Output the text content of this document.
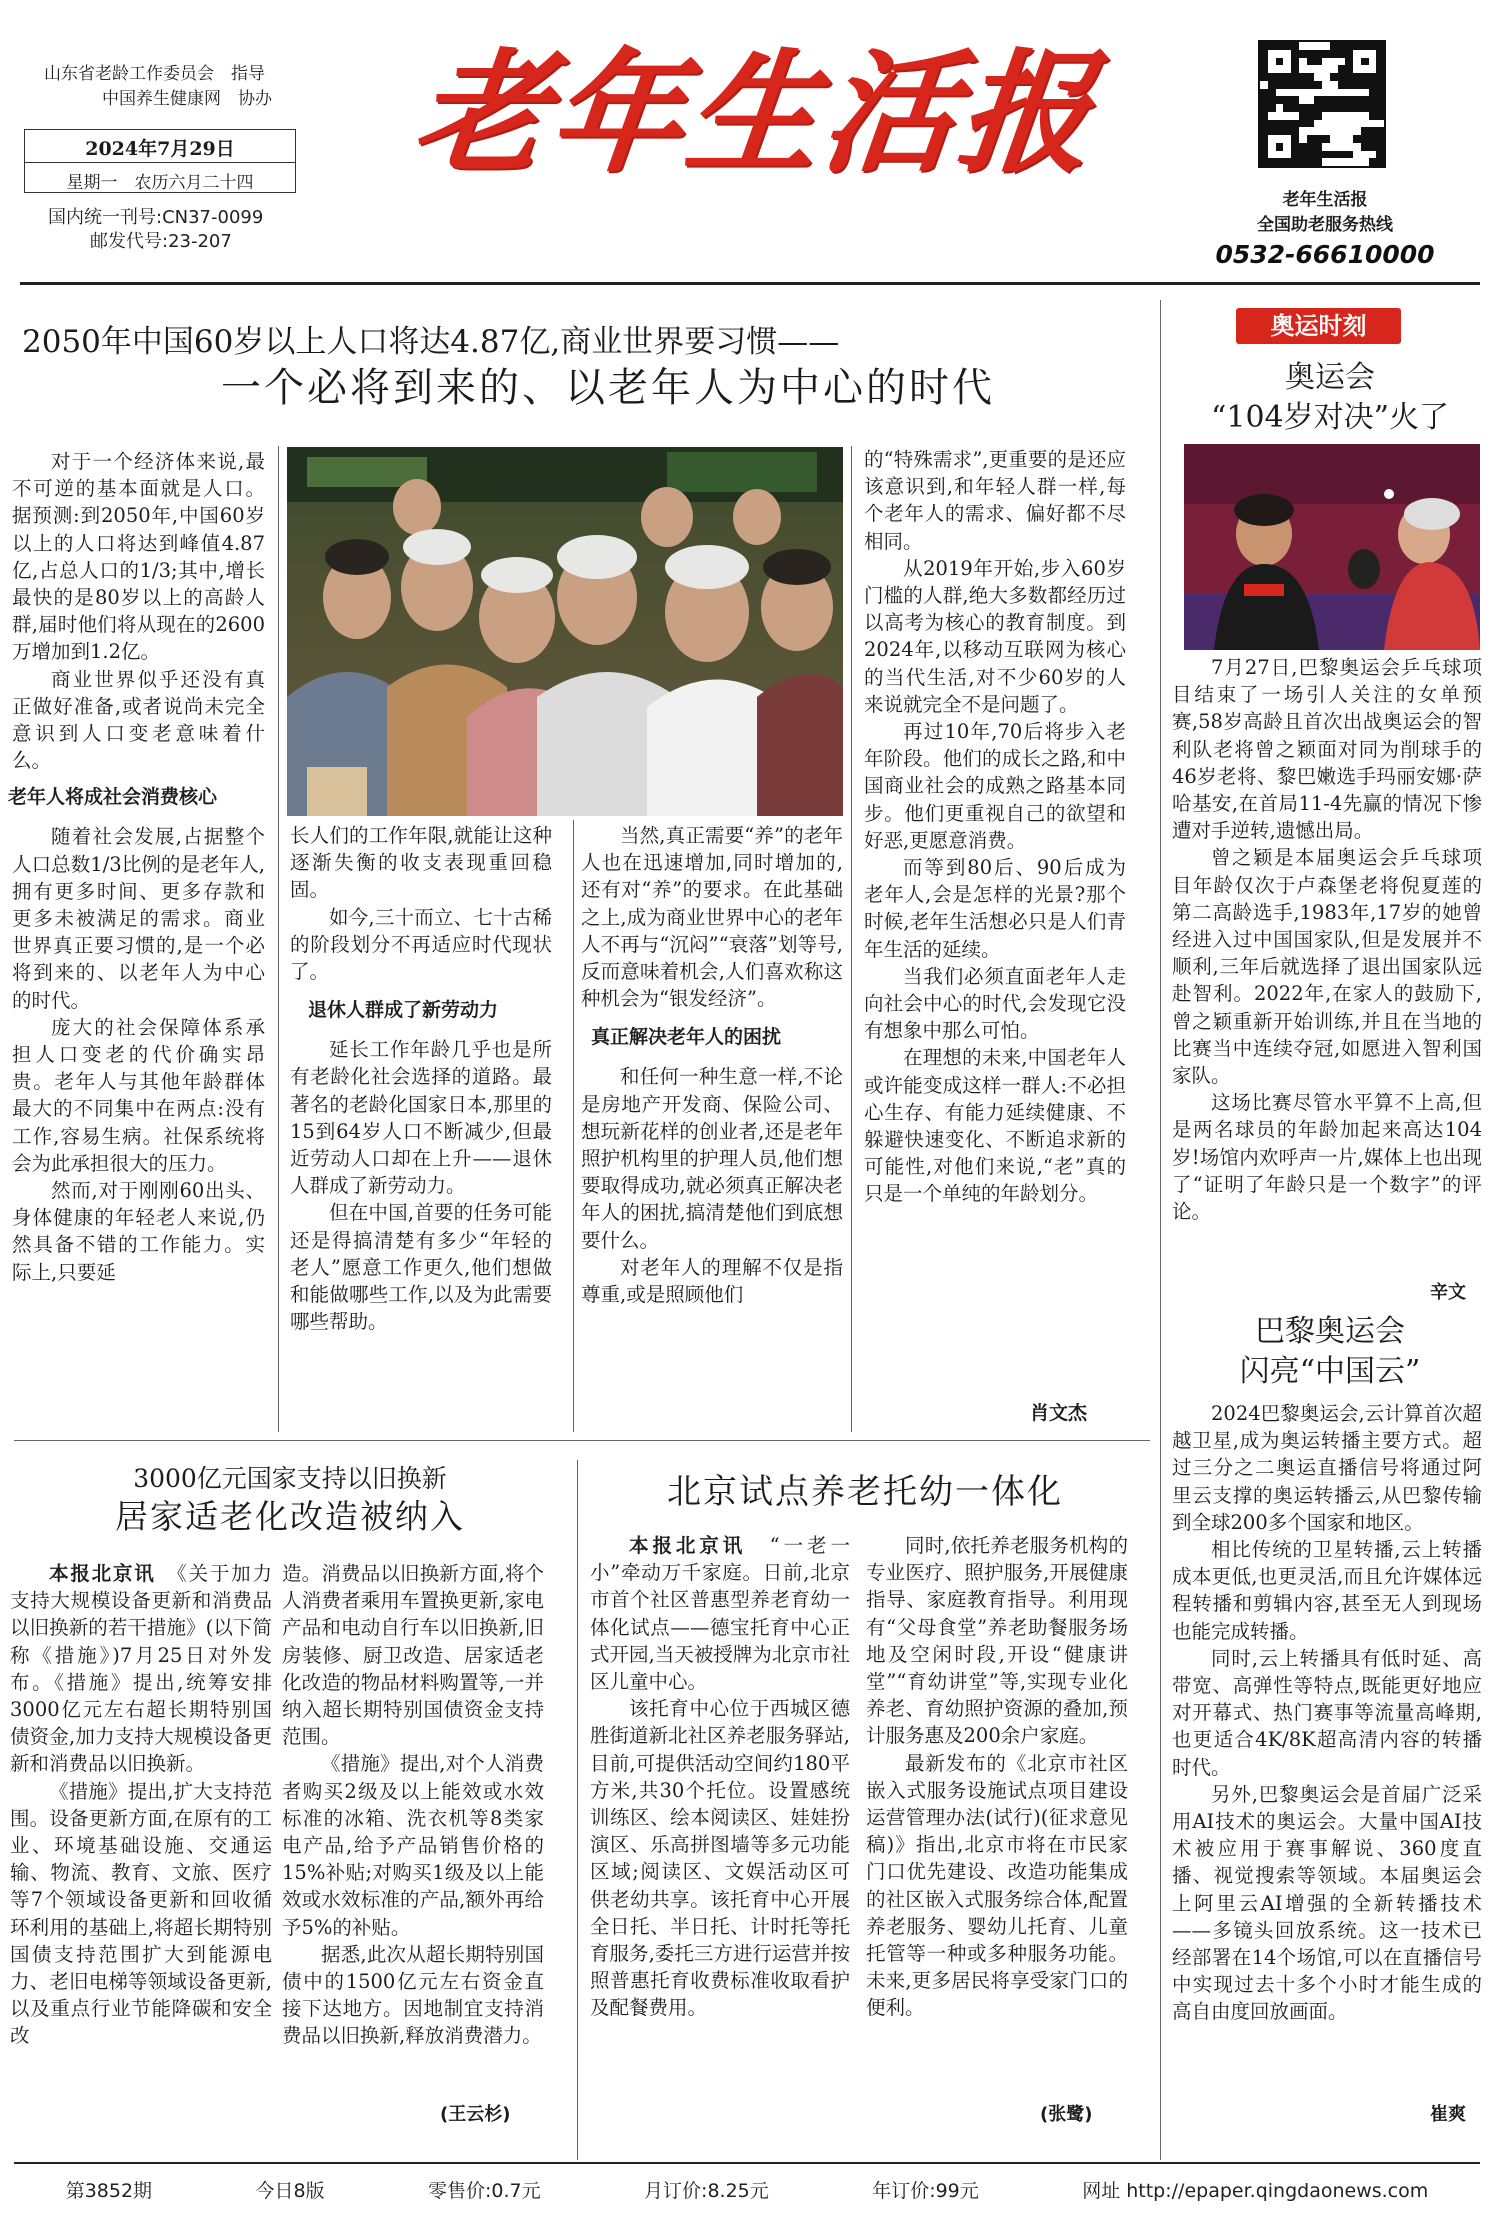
山东省老龄工作委员会　指导
中国养生健康网　协办
2024年7月29日
星期一　农历六月二十四
国内统一刊号:CN37-0099
邮发代号:23-207
老年生活报
老年生活报
全国助老服务热线
0532-66610000
2050年中国60岁以上人口将达4.87亿,商业世界要习惯——
一个必将到来的、以老年人为中心的时代

对于一个经济体来说,最不可逆的基本面就是人口。据预测:到2050年,中国60岁以上的人口将达到峰值4.87亿,占总人口的1/3;其中,增长最快的是80岁以上的高龄人群,届时他们将从现在的2600万增加到1.2亿。

商业世界似乎还没有真正做好准备,或者说尚未完全意识到人口变老意味着什么。

老年人将成社会消费核心

随着社会发展,占据整个人口总数1/3比例的是老年人,拥有更多时间、更多存款和更多未被满足的需求。商业世界真正要习惯的,是一个必将到来的、以老年人为中心的时代。

庞大的社会保障体系承担人口变老的代价确实昂贵。老年人与其他年龄群体最大的不同集中在两点:没有工作,容易生病。社保系统将会为此承担很大的压力。

然而,对于刚刚60出头、身体健康的年轻老人来说,仍然具备不错的工作能力。实际上,只要延

长人们的工作年限,就能让这种逐渐失衡的收支表现重回稳固。

如今,三十而立、七十古稀的阶段划分不再适应时代现状了。

退休人群成了新劳动力

延长工作年龄几乎也是所有老龄化社会选择的道路。最著名的老龄化国家日本,那里的15到64岁人口不断减少,但最近劳动人口却在上升——退休人群成了新劳动力。

但在中国,首要的任务可能还是得搞清楚有多少“年轻的老人”愿意工作更久,他们想做和能做哪些工作,以及为此需要哪些帮助。

当然,真正需要“养”的老年人也在迅速增加,同时增加的,还有对“养”的要求。在此基础之上,成为商业世界中心的老年人不再与“沉闷”“衰落”划等号,反而意味着机会,人们喜欢称这种机会为“银发经济”。

真正解决老年人的困扰

和任何一种生意一样,不论是房地产开发商、保险公司、想玩新花样的创业者,还是老年照护机构里的护理人员,他们想要取得成功,就必须真正解决老年人的困扰,搞清楚他们到底想要什么。

对老年人的理解不仅是指尊重,或是照顾他们

的“特殊需求”,更重要的是还应该意识到,和年轻人群一样,每个老年人的需求、偏好都不尽相同。

从2019年开始,步入60岁门槛的人群,绝大多数都经历过以高考为核心的教育制度。到2024年,以移动互联网为核心的当代生活,对不少60岁的人来说就完全不是问题了。

再过10年,70后将步入老年阶段。他们的成长之路,和中国商业社会的成熟之路基本同步。他们更重视自己的欲望和好恶,更愿意消费。

而等到80后、90后成为老年人,会是怎样的光景?那个时候,老年生活想必只是人们青年生活的延续。

当我们必须直面老年人走向社会中心的时代,会发现它没有想象中那么可怕。

在理想的未来,中国老年人或许能变成这样一群人:不必担心生存、有能力延续健康、不躲避快速变化、不断追求新的可能性,对他们来说,“老”真的只是一个单纯的年龄划分。

肖文杰
3000亿元国家支持以旧换新
居家适老化改造被纳入

本报北京讯　 《关于加力支持大规模设备更新和消费品以旧换新的若干措施》(以下简称《措施》)7月25日对外发布。《措施》提出,统筹安排3000亿元左右超长期特别国债资金,加力支持大规模设备更新和消费品以旧换新。

《措施》提出,扩大支持范围。设备更新方面,在原有的工业、环境基础设施、交通运输、物流、教育、文旅、医疗等7个领域设备更新和回收循环利用的基础上,将超长期特别国债支持范围扩大到能源电力、老旧电梯等领域设备更新,以及重点行业节能降碳和安全改

造。消费品以旧换新方面,将个人消费者乘用车置换更新,家电产品和电动自行车以旧换新,旧房装修、厨卫改造、居家适老化改造的物品材料购置等,一并纳入超长期特别国债资金支持范围。

《措施》提出,对个人消费者购买2级及以上能效或水效标准的冰箱、洗衣机等8类家电产品,给予产品销售价格的15%补贴;对购买1级及以上能效或水效标准的产品,额外再给予5%的补贴。

据悉,此次从超长期特别国债中的1500亿元左右资金直接下达地方。因地制宜支持消费品以旧换新,释放消费潜力。

(王云杉)
北京试点养老托幼一体化

本报北京讯　 “一老一小”牵动万千家庭。日前,北京市首个社区普惠型养老育幼一体化试点——德宝托育中心正式开园,当天被授牌为北京市社区儿童中心。

该托育中心位于西城区德胜街道新北社区养老服务驿站,目前,可提供活动空间约180平方米,共30个托位。设置感统训练区、绘本阅读区、娃娃扮演区、乐高拼图墙等多元功能区域;阅读区、文娱活动区可供老幼共享。该托育中心开展全日托、半日托、计时托等托育服务,委托三方进行运营并按照普惠托育收费标准收取看护及配餐费用。

同时,依托养老服务机构的专业医疗、照护服务,开展健康指导、家庭教育指导。利用现有“父母食堂”养老助餐服务场地及空闲时段,开设“健康讲堂”“育幼讲堂”等,实现专业化养老、育幼照护资源的叠加,预计服务惠及200余户家庭。

最新发布的《北京市社区嵌入式服务设施试点项目建设运营管理办法(试行)(征求意见稿)》指出,北京市将在市民家门口优先建设、改造功能集成的社区嵌入式服务综合体,配置养老服务、婴幼儿托育、儿童托管等一种或多种服务功能。未来,更多居民将享受家门口的便利。

(张鹭)
奥运时刻
奥运会
“104岁对决”火了

7月27日,巴黎奥运会乒乓球项目结束了一场引人关注的女单预赛,58岁高龄且首次出战奥运会的智利队老将曾之颖面对同为削球手的46岁老将、黎巴嫩选手玛丽安娜·萨哈基安,在首局11-4先赢的情况下惨遭对手逆转,遗憾出局。

曾之颖是本届奥运会乒乓球项目年龄仅次于卢森堡老将倪夏莲的第二高龄选手,1983年,17岁的她曾经进入过中国国家队,但是发展并不顺利,三年后就选择了退出国家队远赴智利。2022年,在家人的鼓励下,曾之颖重新开始训练,并且在当地的比赛当中连续夺冠,如愿进入智利国家队。

这场比赛尽管水平算不上高,但是两名球员的年龄加起来高达104岁!场馆内欢呼声一片,媒体上也出现了“证明了年龄只是一个数字”的评论。

辛文
巴黎奥运会
闪亮“中国云”

2024巴黎奥运会,云计算首次超越卫星,成为奥运转播主要方式。超过三分之二奥运直播信号将通过阿里云支撑的奥运转播云,从巴黎传输到全球200多个国家和地区。

相比传统的卫星转播,云上转播成本更低,也更灵活,而且允许媒体远程转播和剪辑内容,甚至无人到现场也能完成转播。

同时,云上转播具有低时延、高带宽、高弹性等特点,既能更好地应对开幕式、热门赛事等流量高峰期,也更适合4K/8K超高清内容的转播时代。

另外,巴黎奥运会是首届广泛采用AI技术的奥运会。大量中国AI技术被应用于赛事解说、360度直播、视觉搜索等领域。本届奥运会上阿里云AI增强的全新转播技术——多镜头回放系统。这一技术已经部署在14个场馆,可以在直播信号中实现过去十多个小时才能生成的高自由度回放画面。

崔爽
第3852期	今日8版	零售价:0.7元	月订价:8.25元	年订价:99元	网址 http://epaper.qingdaonews.com
